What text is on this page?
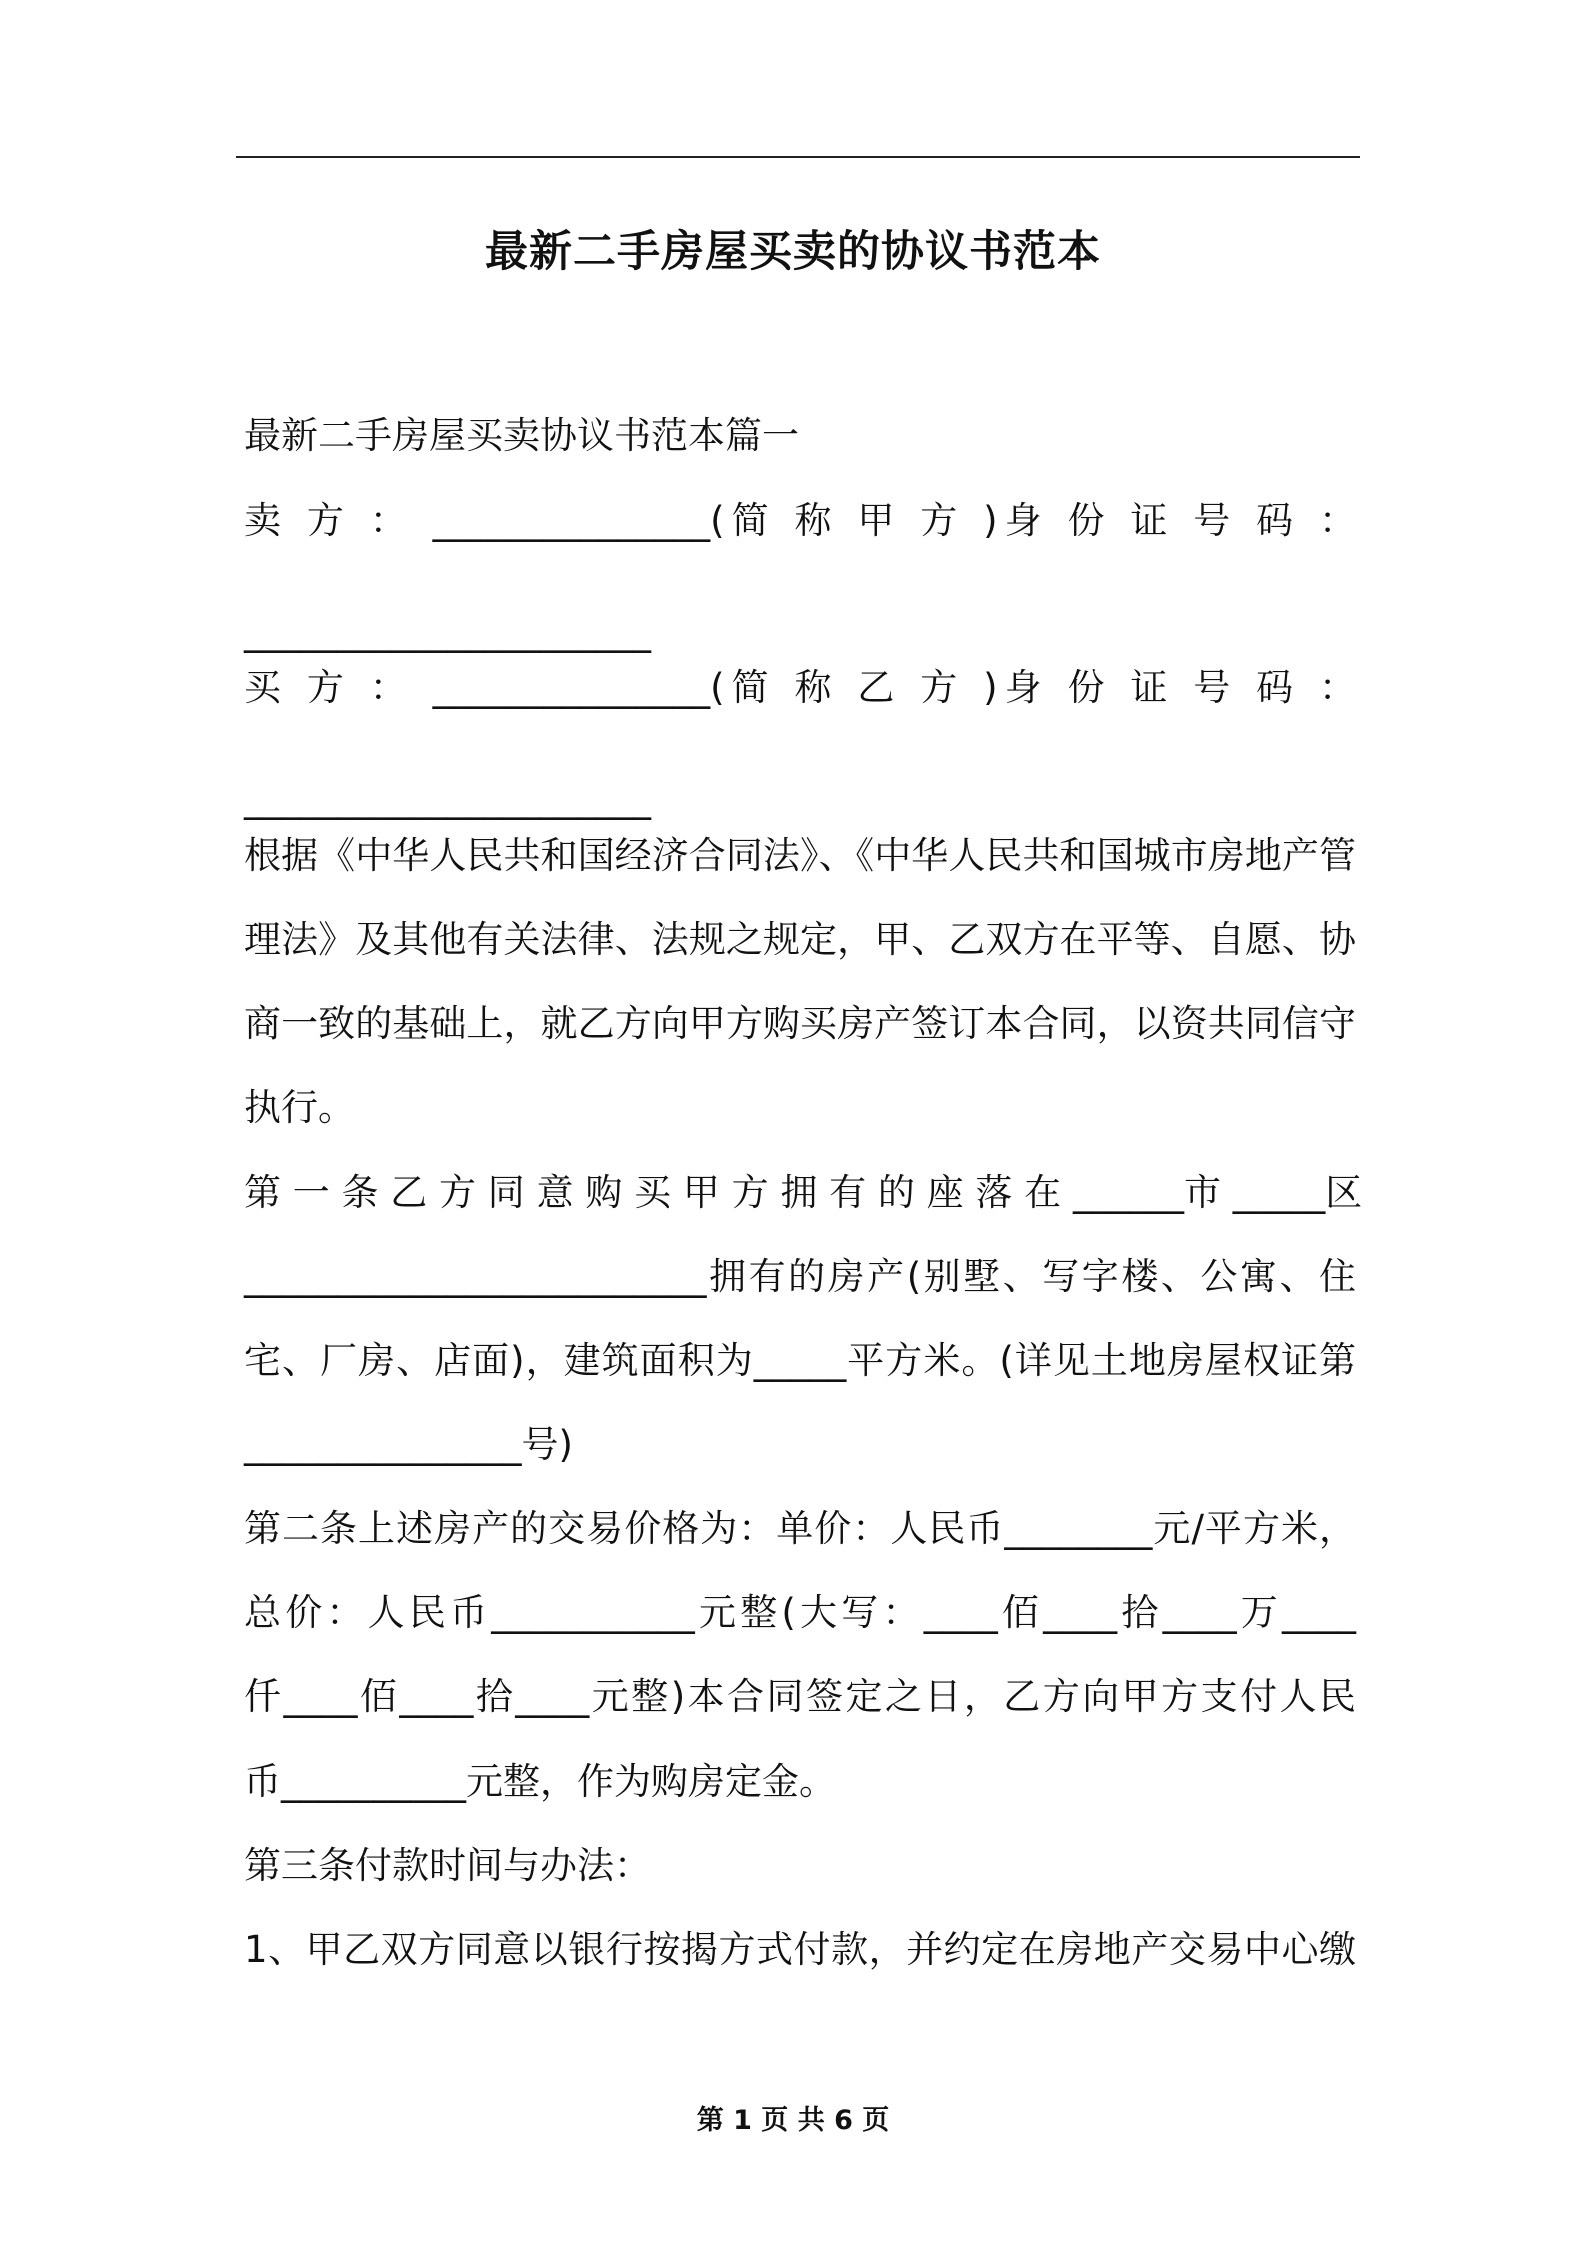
最新二手房屋买卖的协议书范本
最新二手房屋买卖协议书范本篇一
卖 方 ： _______________(简 称 甲 方 )身 份 证 号 码 ：
______________________
买 方 ： _______________(简 称 乙 方 )身 份 证 号 码 ：
______________________
根据《中华人民共和国经济合同法》、《中华人民共和国城市房地产管
理法》及其他有关法律、法规之规定，甲、乙双方在平等、自愿、协
商一致的基础上，就乙方向甲方购买房产签订本合同，以资共同信守
执行。
第 一 条 乙 方 同 意 购 买 甲 方 拥 有 的 座 落 在 ______市 _____区
_________________________拥有的房产(别墅、写字楼、公寓、住
宅、厂房、店面)，建筑面积为_____平方米。(详见土地房屋权证第
_______________号)
第二条上述房产的交易价格为：单价：人民币________元/平方米，
总价：人民币___________元整(大写：____佰____拾____万____
仟____佰____拾____元整)本合同签定之日，乙方向甲方支付人民
币__________元整，作为购房定金。
第三条付款时间与办法：
1、甲乙双方同意以银行按揭方式付款，并约定在房地产交易中心缴
第 1 页 共 6 页
